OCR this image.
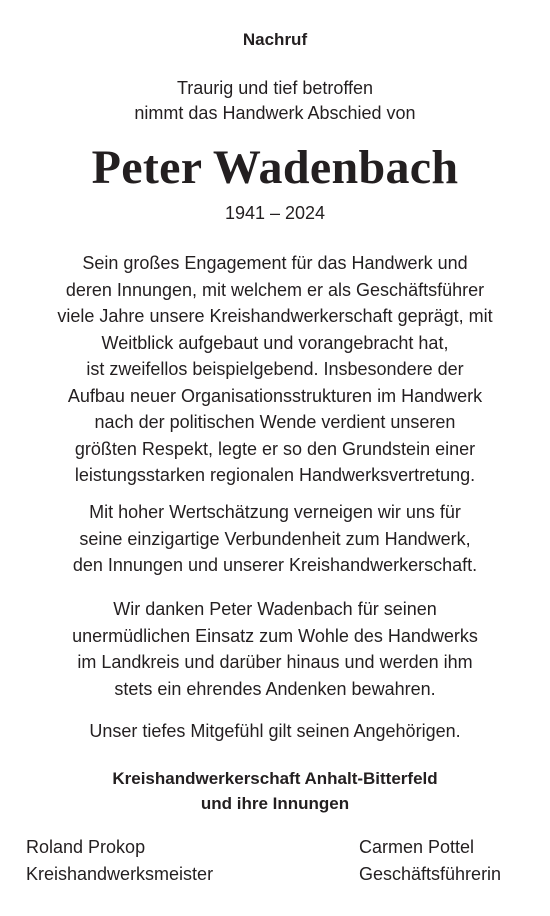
Nachruf
Traurig und tief betroffen
nimmt das Handwerk Abschied von
Peter Wadenbach
1941 – 2024
Sein großes Engagement für das Handwerk und
deren Innungen, mit welchem er als Geschäftsführer
viele Jahre unsere Kreishandwerkerschaft geprägt, mit
Weitblick aufgebaut und vorangebracht hat,
ist zweifellos beispielgebend. Insbesondere der
Aufbau neuer Organisationsstrukturen im Handwerk
nach der politischen Wende verdient unseren
größten Respekt, legte er so den Grundstein einer
leistungsstarken regionalen Handwerksvertretung.
Mit hoher Wertschätzung verneigen wir uns für
seine einzigartige Verbundenheit zum Handwerk,
den Innungen und unserer Kreishandwerkerschaft.
Wir danken Peter Wadenbach für seinen
unermüdlichen Einsatz zum Wohle des Handwerks
im Landkreis und darüber hinaus und werden ihm
stets ein ehrendes Andenken bewahren.
Unser tiefes Mitgefühl gilt seinen Angehörigen.
Kreishandwerkerschaft Anhalt-Bitterfeld
und ihre Innungen
Roland Prokop
Kreishandwerksmeister
Carmen Pottel
Geschäftsführerin
